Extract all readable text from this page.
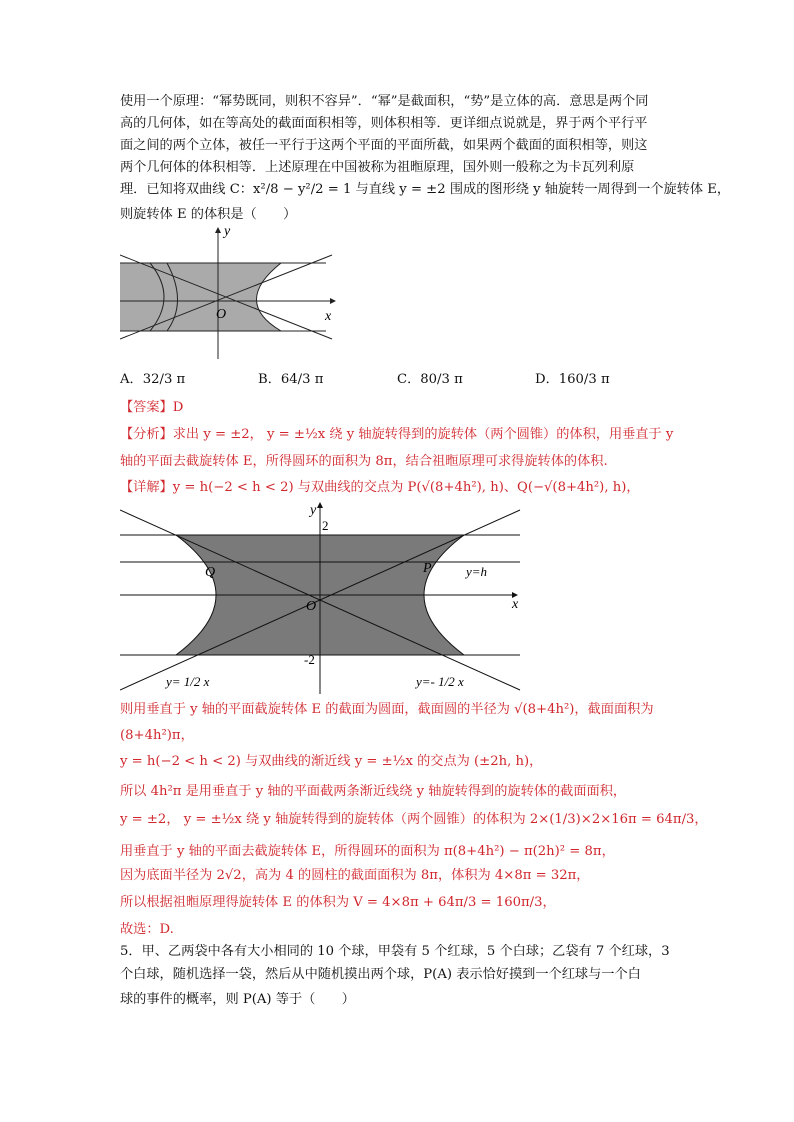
使用一个原理：“幂势既同，则积不容异”．“幂”是截面积，“势”是立体的高．意思是两个同
高的几何体，如在等高处的截面面积相等，则体积相等．更详细点说就是，界于两个平行平
面之间的两个立体，被任一平行于这两个平面的平面所截，如果两个截面的面积相等，则这
两个几何体的体积相等．上述原理在中国被称为祖暅原理，国外则一般称之为卡瓦列利原
理．已知将双曲线 C：x²/8 − y²/2 = 1 与直线 y = ±2 围成的图形绕 y 轴旋转一周得到一个旋转体 E，
则旋转体 E 的体积是（　　）
x
y
O
A．32/3 π	B．64/3 π	C．80/3 π	D．160/3 π
【答案】D
【分析】求出 y = ±2， y = ±½x 绕 y 轴旋转得到的旋转体（两个圆锥）的体积，用垂直于 y
轴的平面去截旋转体 E，所得圆环的面积为 8π，结合祖暅原理可求得旋转体的体积.
【详解】y = h(−2 < h < 2) 与双曲线的交点为 P(√(8+4h²), h)、Q(−√(8+4h²), h)，
x
y
2
-2
O
Q	P	y=h
y= 1/2 x	y=- 1/2 x
则用垂直于 y 轴的平面截旋转体 E 的截面为圆面，截面圆的半径为 √(8+4h²)，截面面积为
(8+4h²)π，
y = h(−2 < h < 2) 与双曲线的渐近线 y = ±½x 的交点为 (±2h, h)，
所以 4h²π 是用垂直于 y 轴的平面截两条渐近线绕 y 轴旋转得到的旋转体的截面面积，
y = ±2， y = ±½x 绕 y 轴旋转得到的旋转体（两个圆锥）的体积为 2×(1/3)×2×16π = 64π/3，
用垂直于 y 轴的平面去截旋转体 E，所得圆环的面积为 π(8+4h²) − π(2h)² = 8π，
因为底面半径为 2√2，高为 4 的圆柱的截面面积为 8π，体积为 4×8π = 32π，
所以根据祖暅原理得旋转体 E 的体积为 V = 4×8π + 64π/3 = 160π/3，
故选：D.
5．甲、乙两袋中各有大小相同的 10 个球，甲袋有 5 个红球，5 个白球；乙袋有 7 个红球，3
个白球，随机选择一袋，然后从中随机摸出两个球，P(A) 表示恰好摸到一个红球与一个白
球的事件的概率，则 P(A) 等于（　　）
